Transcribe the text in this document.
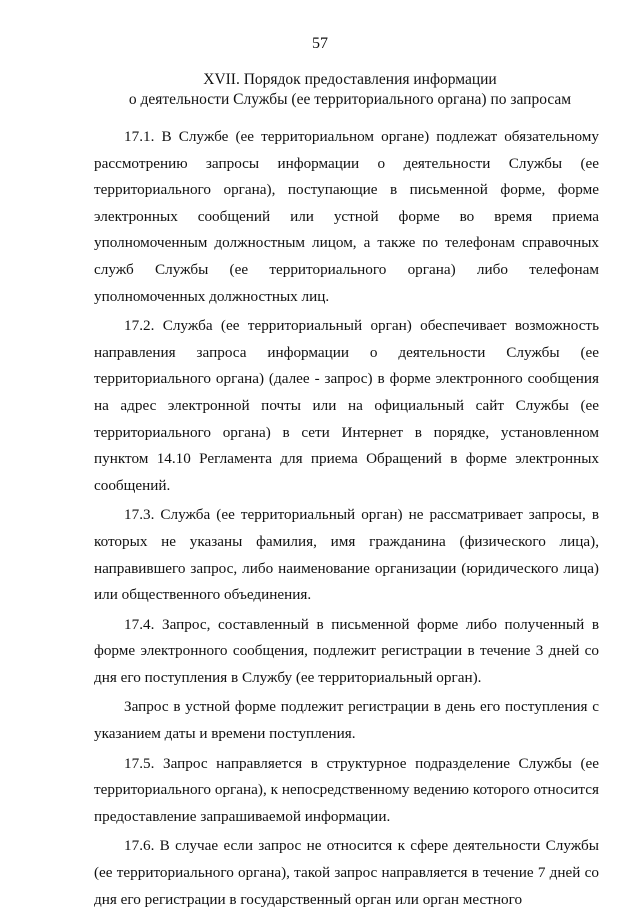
57
XVII. Порядок предоставления информации
о деятельности Службы (ее территориального органа) по запросам

17.1. В Службе (ее территориальном органе) подлежат обязательному рассмотрению запросы информации о деятельности Службы (ее территориального органа), поступающие в письменной форме, форме электронных сообщений или устной форме во время приема уполномоченным должностным лицом, а также по телефонам справочных служб Службы (ее территориального органа) либо телефонам уполномоченных должностных лиц.

17.2. Служба (ее территориальный орган) обеспечивает возможность направления запроса информации о деятельности Службы (ее территориального органа) (далее - запрос) в форме электронного сообщения на адрес электронной почты или на официальный сайт Службы (ее территориального органа) в сети Интернет в порядке, установленном пунктом 14.10 Регламента для приема Обращений в форме электронных сообщений.

17.3. Служба (ее территориальный орган) не рассматривает запросы, в которых не указаны фамилия, имя гражданина (физического лица), направившего запрос, либо наименование организации (юридического лица) или общественного объединения.

17.4. Запрос, составленный в письменной форме либо полученный в форме электронного сообщения, подлежит регистрации в течение 3 дней со дня его поступления в Службу (ее территориальный орган).

Запрос в устной форме подлежит регистрации в день его поступления с указанием даты и времени поступления.

17.5. Запрос направляется в структурное подразделение Службы (ее территориального органа), к непосредственному ведению которого относится предоставление запрашиваемой информации.

17.6. В случае если запрос не относится к сфере деятельности Службы (ее территориального органа), такой запрос направляется в течение 7 дней со дня его регистрации в государственный орган или орган местного
